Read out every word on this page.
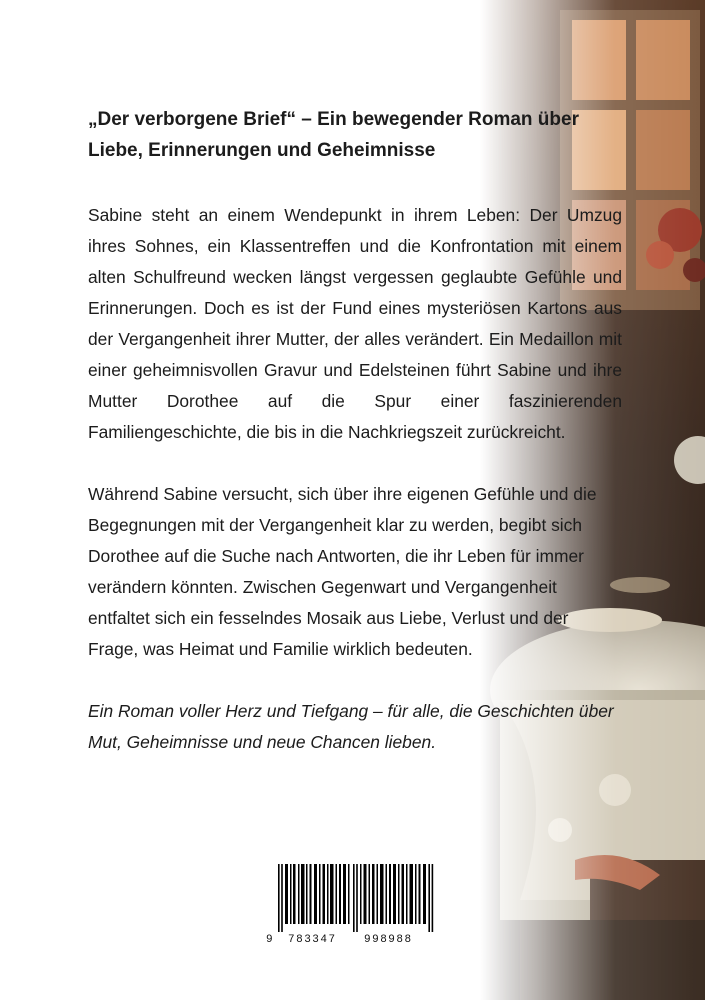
„Der verborgene Brief“ – Ein bewegender Roman über Liebe, Erinnerungen und Geheimnisse

Sabine steht an einem Wendepunkt in ihrem Leben: Der Umzug ihres Sohnes, ein Klassentreffen und die Konfrontation mit einem alten Schulfreund wecken längst vergessen geglaubte Gefühle und Erinnerungen. Doch es ist der Fund eines mysteriösen Kartons aus der Vergangenheit ihrer Mutter, der alles verändert. Ein Medaillon mit einer geheimnisvollen Gravur und Edelsteinen führt Sabine und ihre Mutter Dorothee auf die Spur einer faszinierenden Familiengeschichte, die bis in die Nachkriegszeit zurückreicht.

Während Sabine versucht, sich über ihre eigenen Gefühle und die Begegnungen mit der Vergangenheit klar zu werden, begibt sich Dorothee auf die Suche nach Antworten, die ihr Leben für immer verändern könnten. Zwischen Gegenwart und Vergangenheit entfaltet sich ein fesselndes Mosaik aus Liebe, Verlust und der Frage, was Heimat und Familie wirklich bedeuten.

Ein Roman voller Herz und Tiefgang – für alle, die Geschichten über Mut, Geheimnisse und neue Chancen lieben.

9 783347 998988
